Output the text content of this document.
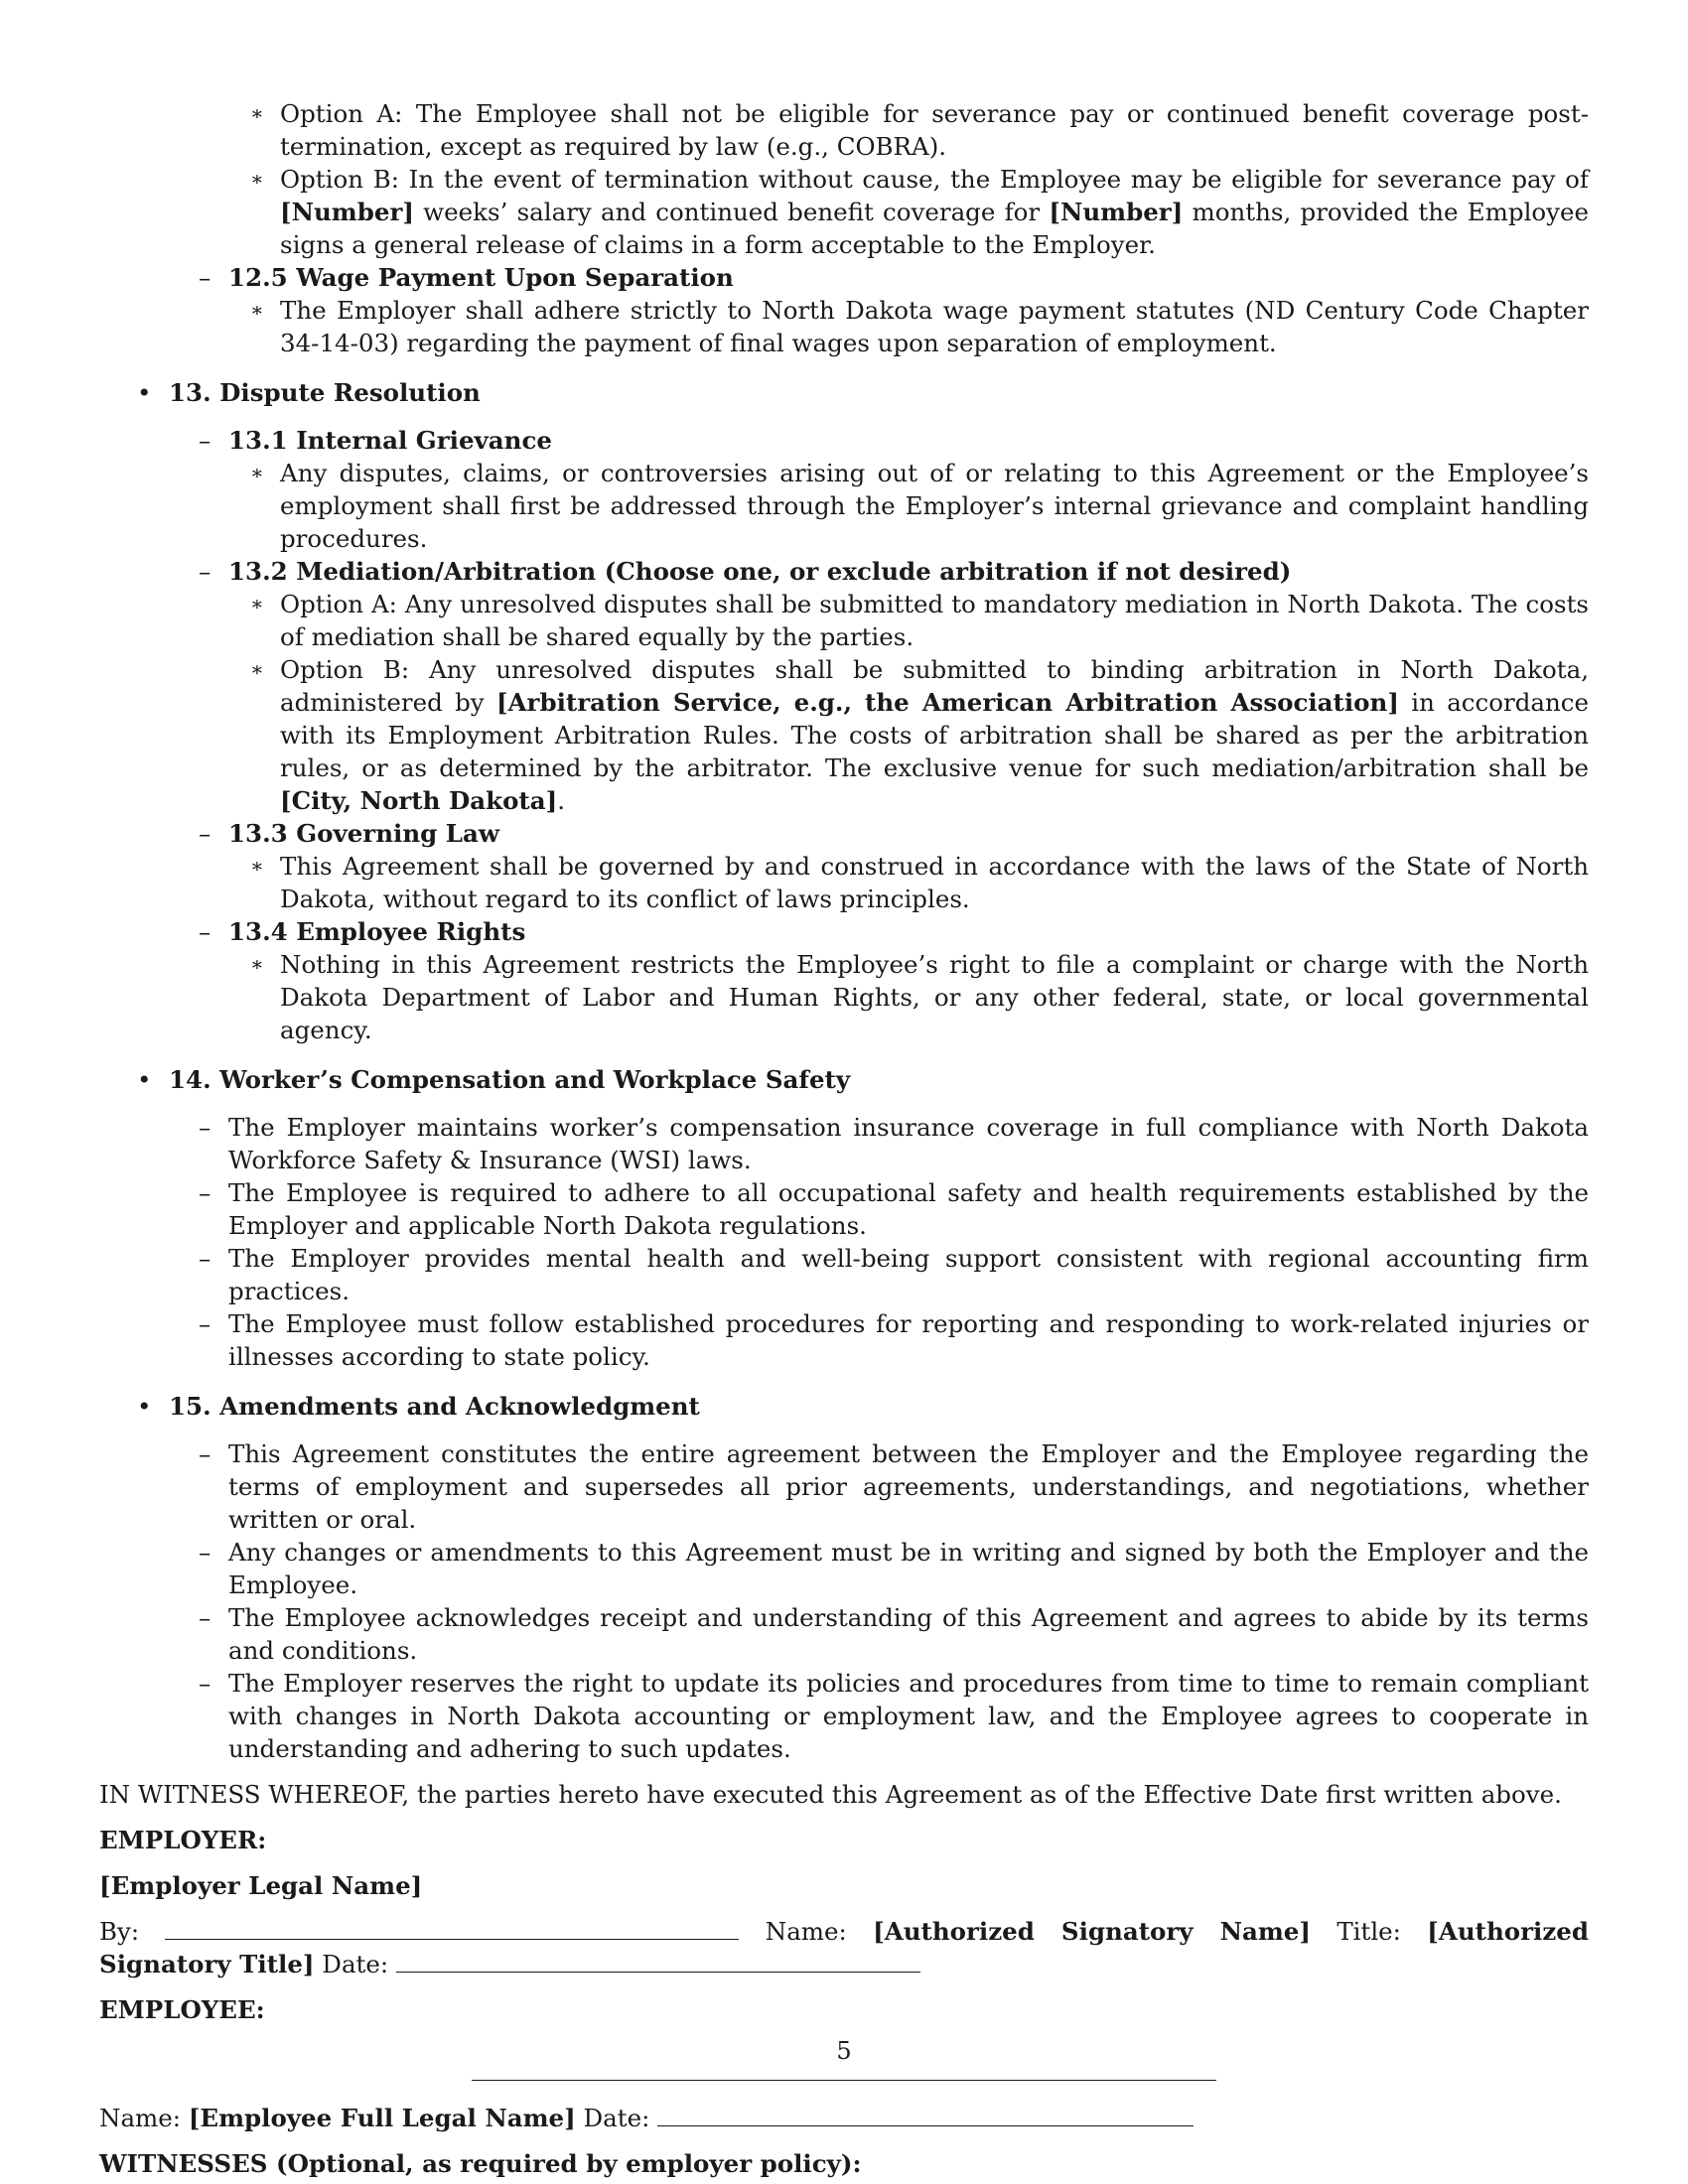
∗ Option A: The Employee shall not be eligible for severance pay or continued benefit coverage post-termination, except as required by law (e.g., COBRA).
∗ Option B: In the event of termination without cause, the Employee may be eligible for severance pay of [Number] weeks’ salary and continued benefit coverage for [Number] months, provided the Employee signs a general release of claims in a form acceptable to the Employer.
– 12.5 Wage Payment Upon Separation
∗ The Employer shall adhere strictly to North Dakota wage payment statutes (ND Century Code Chapter 34-14-03) regarding the payment of final wages upon separation of employment.
• 13. Dispute Resolution
– 13.1 Internal Grievance
∗ Any disputes, claims, or controversies arising out of or relating to this Agreement or the Employee’s employment shall first be addressed through the Employer’s internal grievance and complaint handling procedures.
– 13.2 Mediation/Arbitration (Choose one, or exclude arbitration if not desired)
∗ Option A: Any unresolved disputes shall be submitted to mandatory mediation in North Dakota. The costs of mediation shall be shared equally by the parties.
∗ Option B: Any unresolved disputes shall be submitted to binding arbitration in North Dakota, administered by [Arbitration Service, e.g., the American Arbitration Association] in accordance with its Employment Arbitration Rules. The costs of arbitration shall be shared as per the arbitration rules, or as determined by the arbitrator. The exclusive venue for such mediation/arbitration shall be [City, North Dakota].
– 13.3 Governing Law
∗ This Agreement shall be governed by and construed in accordance with the laws of the State of North Dakota, without regard to its conflict of laws principles.
– 13.4 Employee Rights
∗ Nothing in this Agreement restricts the Employee’s right to file a complaint or charge with the North Dakota Department of Labor and Human Rights, or any other federal, state, or local governmental agency.
• 14. Worker’s Compensation and Workplace Safety
– The Employer maintains worker’s compensation insurance coverage in full compliance with North Dakota Workforce Safety & Insurance (WSI) laws.
– The Employee is required to adhere to all occupational safety and health requirements established by the Employer and applicable North Dakota regulations.
– The Employer provides mental health and well-being support consistent with regional accounting firm practices.
– The Employee must follow established procedures for reporting and responding to work-related injuries or illnesses according to state policy.
• 15. Amendments and Acknowledgment
– This Agreement constitutes the entire agreement between the Employer and the Employee regarding the terms of employment and supersedes all prior agreements, understandings, and negotiations, whether written or oral.
– Any changes or amendments to this Agreement must be in writing and signed by both the Employer and the Employee.
– The Employee acknowledges receipt and understanding of this Agreement and agrees to abide by its terms and conditions.
– The Employer reserves the right to update its policies and procedures from time to time to remain compliant with changes in North Dakota accounting or employment law, and the Employee agrees to cooperate in understanding and adhering to such updates.
IN WITNESS WHEREOF, the parties hereto have executed this Agreement as of the Effective Date first written above.
EMPLOYER:
[Employer Legal Name]
By:	Name: [Authorized Signatory Name] Title: [Authorized Signatory Title] Date:
EMPLOYEE:
Name: [Employee Full Legal Name] Date:
WITNESSES (Optional, as required by employer policy):
5
